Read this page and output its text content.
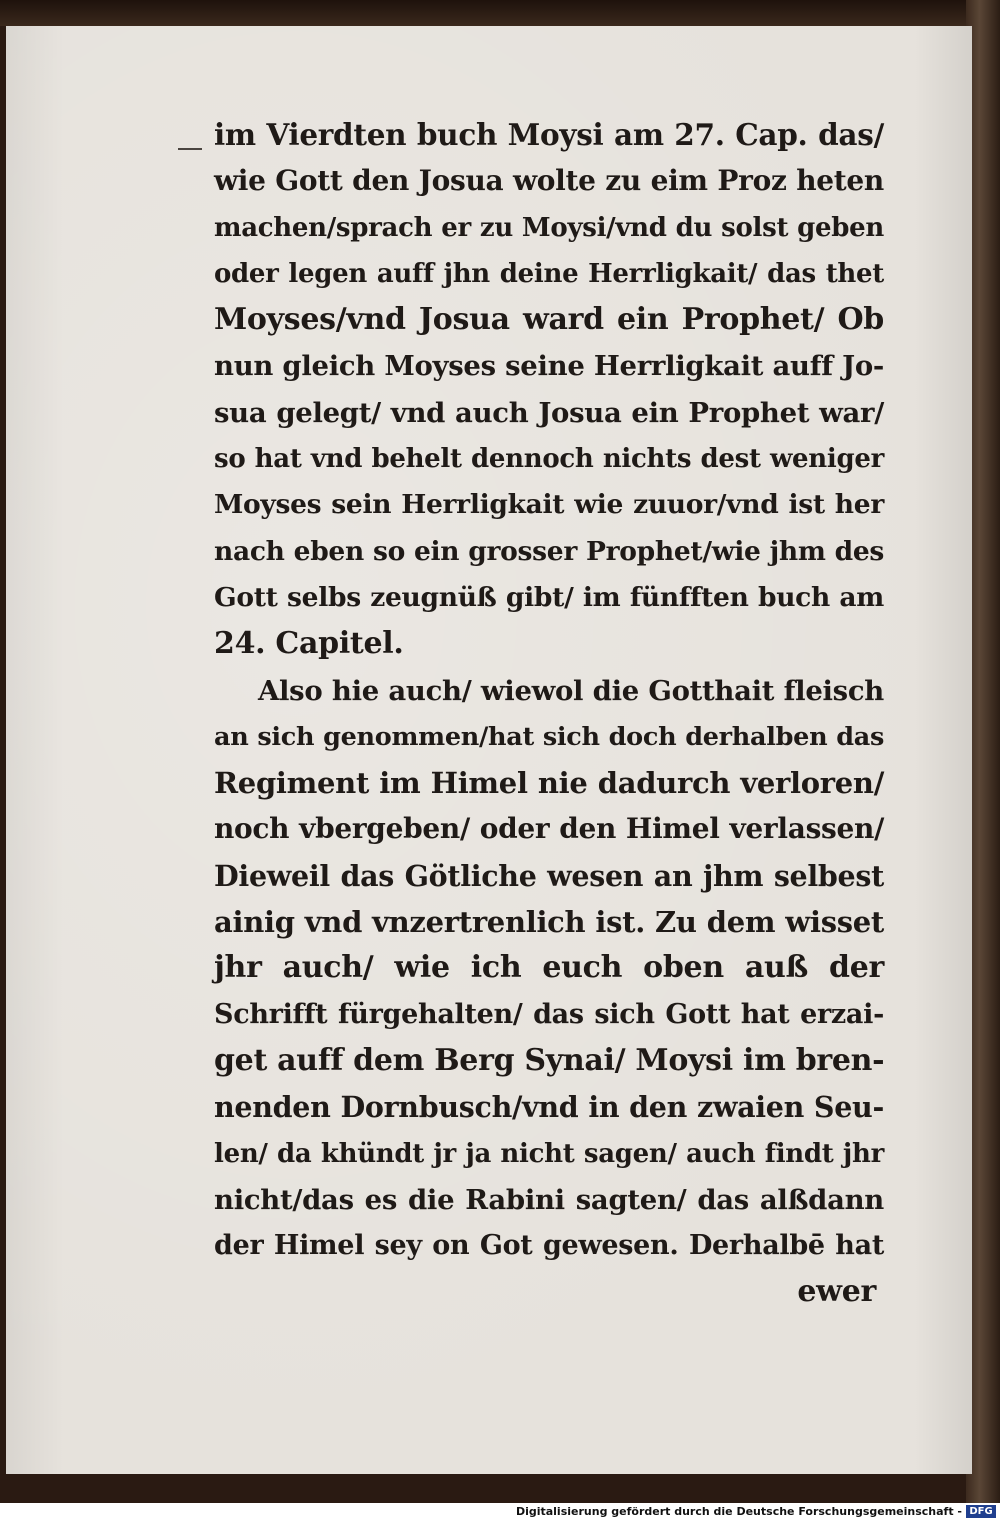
im Vierdten buch Moysi am 27. Cap. das/
wie Gott den Josua wolte zu eim Proz heten
machen/sprach er zu Moysi/vnd du solst geben
oder legen auff jhn deine Herrligkait/ das thet
Moyses/vnd Josua ward ein Prophet/ Ob
nun gleich Moyses seine Herrligkait auff Jo-
sua gelegt/ vnd auch Josua ein Prophet war/
so hat vnd behelt dennoch nichts dest weniger
Moyses sein Herrligkait wie zuuor/vnd ist her
nach eben so ein grosser Prophet/wie jhm des
Gott selbs zeugnüß gibt/ im fünfften buch am
24. Capitel.
Also hie auch/ wiewol die Gotthait fleisch
an sich genommen/hat sich doch derhalben das
Regiment im Himel nie dadurch verloren/
noch vbergeben/ oder den Himel verlassen/
Dieweil das Götliche wesen an jhm selbest
ainig vnd vnzertrenlich ist. Zu dem wisset
jhr auch/ wie ich euch oben auß der
Schrifft fürgehalten/ das sich Gott hat erzai-
get auff dem Berg Synai/ Moysi im bren-
nenden Dornbusch/vnd in den zwaien Seu-
len/ da khündt jr ja nicht sagen/ auch findt jhr
nicht/das es die Rabini sagten/ das alßdann
der Himel sey on Got gewesen. Derhalbē hat
ewer
Digitalisierung gefördert durch die Deutsche Forschungsgemeinschaft - DFG
